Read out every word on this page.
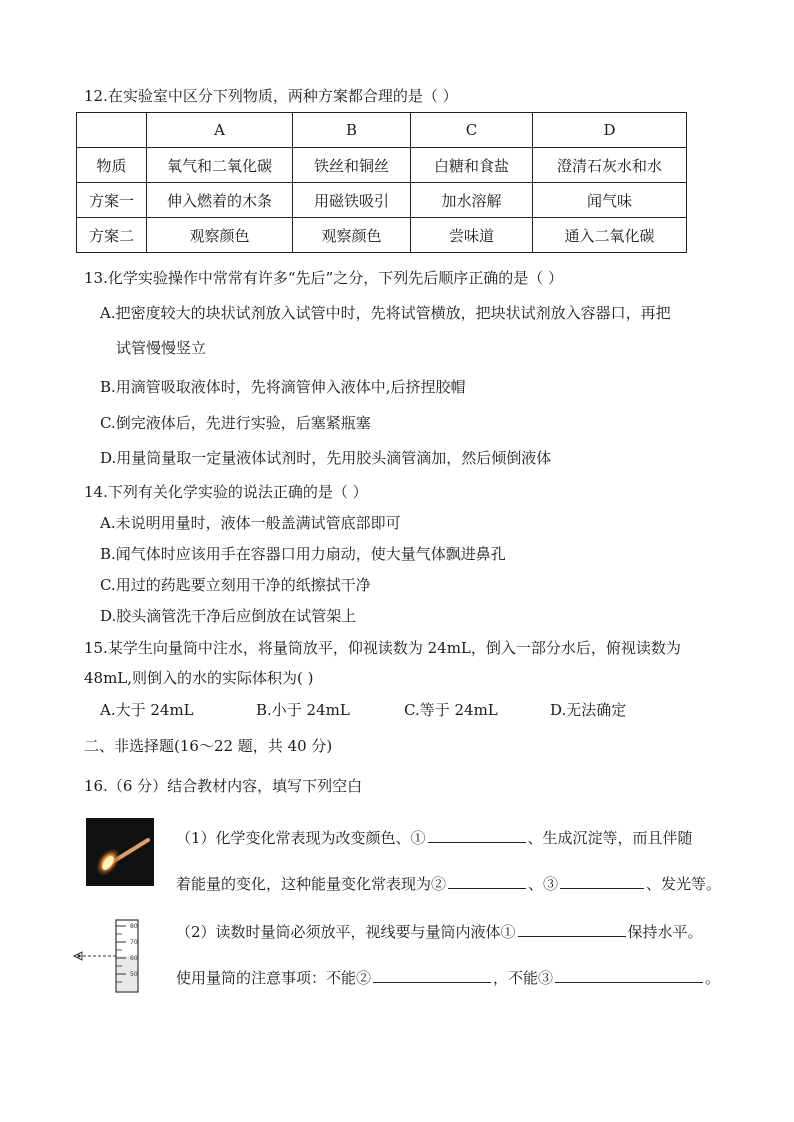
12.在实验室中区分下列物质，两种方案都合理的是（ ）
	A	B	C	D
物质	氧气和二氧化碳	铁丝和铜丝	白糖和食盐	澄清石灰水和水
方案一	伸入燃着的木条	用磁铁吸引	加水溶解	闻气味
方案二	观察颜色	观察颜色	尝味道	通入二氧化碳
13.化学实验操作中常常有许多“先后”之分，下列先后顺序正确的是（ ）
A.把密度较大的块状试剂放入试管中时，先将试管横放，把块状试剂放入容器口，再把
试管慢慢竖立
B.用滴管吸取液体时，先将滴管伸入液体中,后挤捏胶帽
C.倒完液体后，先进行实验，后塞紧瓶塞
D.用量筒量取一定量液体试剂时，先用胶头滴管滴加，然后倾倒液体
14.下列有关化学实验的说法正确的是（ ）
A.未说明用量时，液体一般盖满试管底部即可
B.闻气体时应该用手在容器口用力扇动，使大量气体飘进鼻孔
C.用过的药匙要立刻用干净的纸擦拭干净
D.胶头滴管洗干净后应倒放在试管架上
15.某学生向量筒中注水，将量筒放平，仰视读数为 24mL，倒入一部分水后，俯视读数为
48mL,则倒入的水的实际体积为( )
A.大于 24mL	B.小于 24mL	C.等于 24mL	D.无法确定
二、非选择题(16～22 题，共 40 分)
16.（6 分）结合教材内容，填写下列空白
（1）化学变化常表现为改变颜色、①	、生成沉淀等，而且伴随
着能量的变化，这种能量变化常表现为②	、③	、发光等。
80
70
60
50
（2）读数时量筒必须放平，视线要与量筒内液体①	保持水平。
使用量筒的注意事项：不能②	，不能③	。
